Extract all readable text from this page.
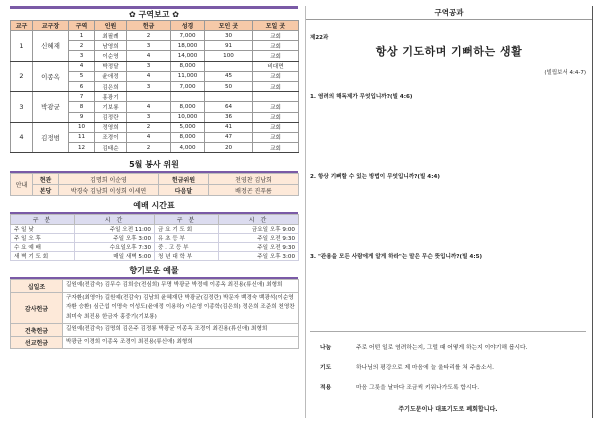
✿ 구역보고 ✿
교구	교구장	구역	인원	헌금	성경	모인 곳	모일 곳	
1	신혜재	1	최필례	2	7,000	30	교회	
		2	남영희	3	18,000	91	교회	
		3	이순영	4	14,000	100	교회	
2	이종옥	4	박정달	3	8,000		비대면	
		5	윤애정	4	11,000	45	교회	
		6	김은희	3	7,000	50	교회	
3	박광균	7	홍광기					
		8	기보룡	4	8,000	64	교회	
		9	김정란	3	10,000	36	교회	
4	김정범	10	정영희	2	5,000	41	교회	
		11	조경이	4	8,000	47	교회	
		12	김태순	2	4,000	20	교회	
5월 봉사 위원
안내	현관	김명희 이순영	헌금위원	천영찬 김남희
	본당	박경숙 김남희 이성희 이세연	다음달	배정곤 진푸름
예배 시간표
구 분	시 간	구 분	시 간
주 일 낮	주일 오전 11:00	금 요 기 도 회	금요일 오후 9:00
주 일 오 후	주일 오후 3:00	유 초 등 부	주일 오전 9:30
수 요 예 배	수요일오후 7:30	중 . 고 등 부	주일 오전 9:30
새 벽 기 도 회	매일 새벽 5:00	청 년 대 학 부	주일 오후 3:00
향기로운 예물
십일조	길원예(전감숙) 김무수 김희승(전심희) 무명 박광균 박정예 이종옥 최진용(류신애) 최형희
감사헌금	구자환(최영아) 길원예(전감숙) 김남희 윤혜재단 박광균(김정란) 박문자 백경숙 백광석(이순영 자환 승환) 심근섭 이명숙 이성도(윤애정 이용하) 이순영 이종학(김은희) 정은희 조준희 천영찬 최미숙 최진용 한금자 홍중기(기보룡)
건축헌금	길원예(전감숙) 김명희 김은주 김정룡 박광균 이종옥 조경이 최진용(류신애) 최형희
선교헌금	박광균 이경희 이종옥 조경이 최진용(류신애) 최형희
구역공과
제22과
항상 기도하며 기뻐하는 생활
(빌립보서 4:4-7)
1. 염려의 해독제가 무엇입니까?(빌 4:6)
2. 항상 기뻐할 수 있는 방법이 무엇입니까?(빌 4:4)
3. "관용을 모든 사람에게 알게 하라"는 말은 무슨 뜻입니까?(빌 4:5)
나눔	주로 어떤 일로 염려하는지, 그럴 때 어떻게 하는지 이야기해 봅시다.
기도	하나님의 평강으로 제 마음에 늘 울타리를 쳐 주옵소서.
적용	마음 그릇을 날마다 조금씩 키워나가도록 합시다.
주기도문이나 대표기도로 폐회합니다.
